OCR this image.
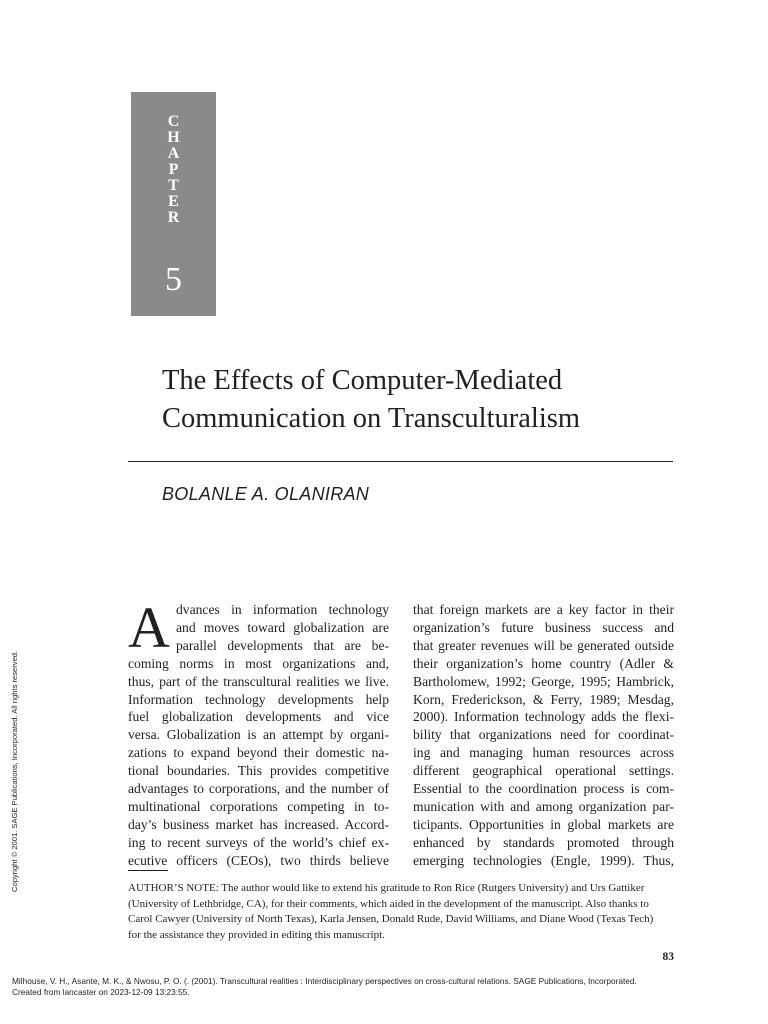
C
H
A
P
T
E
R
5
The Effects of Computer-Mediated
Communication on Transculturalism
BOLANLE A. OLANIRAN
A dvances in information technology
and moves toward globalization are
parallel developments that are be-
coming norms in most organizations and,
thus, part of the transcultural realities we live.
Information technology developments help
fuel globalization developments and vice
versa. Globalization is an attempt by organi-
zations to expand beyond their domestic na-
tional boundaries. This provides competitive
advantages to corporations, and the number of
multinational corporations competing in to-
day’s business market has increased. Accord-
ing to recent surveys of the world’s chief ex-
ecutive officers (CEOs), two thirds believe
that foreign markets are a key factor in their
organization’s future business success and
that greater revenues will be generated outside
their organization’s home country (Adler &
Bartholomew, 1992; George, 1995; Hambrick,
Korn, Frederickson, & Ferry, 1989; Mesdag,
2000). Information technology adds the flexi-
bility that organizations need for coordinat-
ing and managing human resources across
different geographical operational settings.
Essential to the coordination process is com-
munication with and among organization par-
ticipants. Opportunities in global markets are
enhanced by standards promoted through
emerging technologies (Engle, 1999). Thus,
AUTHOR’S NOTE: The author would like to extend his gratitude to Ron Rice (Rutgers University) and Urs Gattiker
(University of Lethbridge, CA), for their comments, which aided in the development of the manuscript. Also thanks to
Carol Cawyer (University of North Texas), Karla Jensen, Donald Rude, David Williams, and Diane Wood (Texas Tech)
for the assistance they provided in editing this manuscript.
83
Copyright © 2001. SAGE Publications, Incorporated. All rights reserved.
Milhouse, V. H., Asante, M. K., & Nwosu, P. O. (. (2001). Transcultural realities : Interdisciplinary perspectives on cross-cultural relations. SAGE Publications, Incorporated.
Created from lancaster on 2023-12-09 13:23:55.
